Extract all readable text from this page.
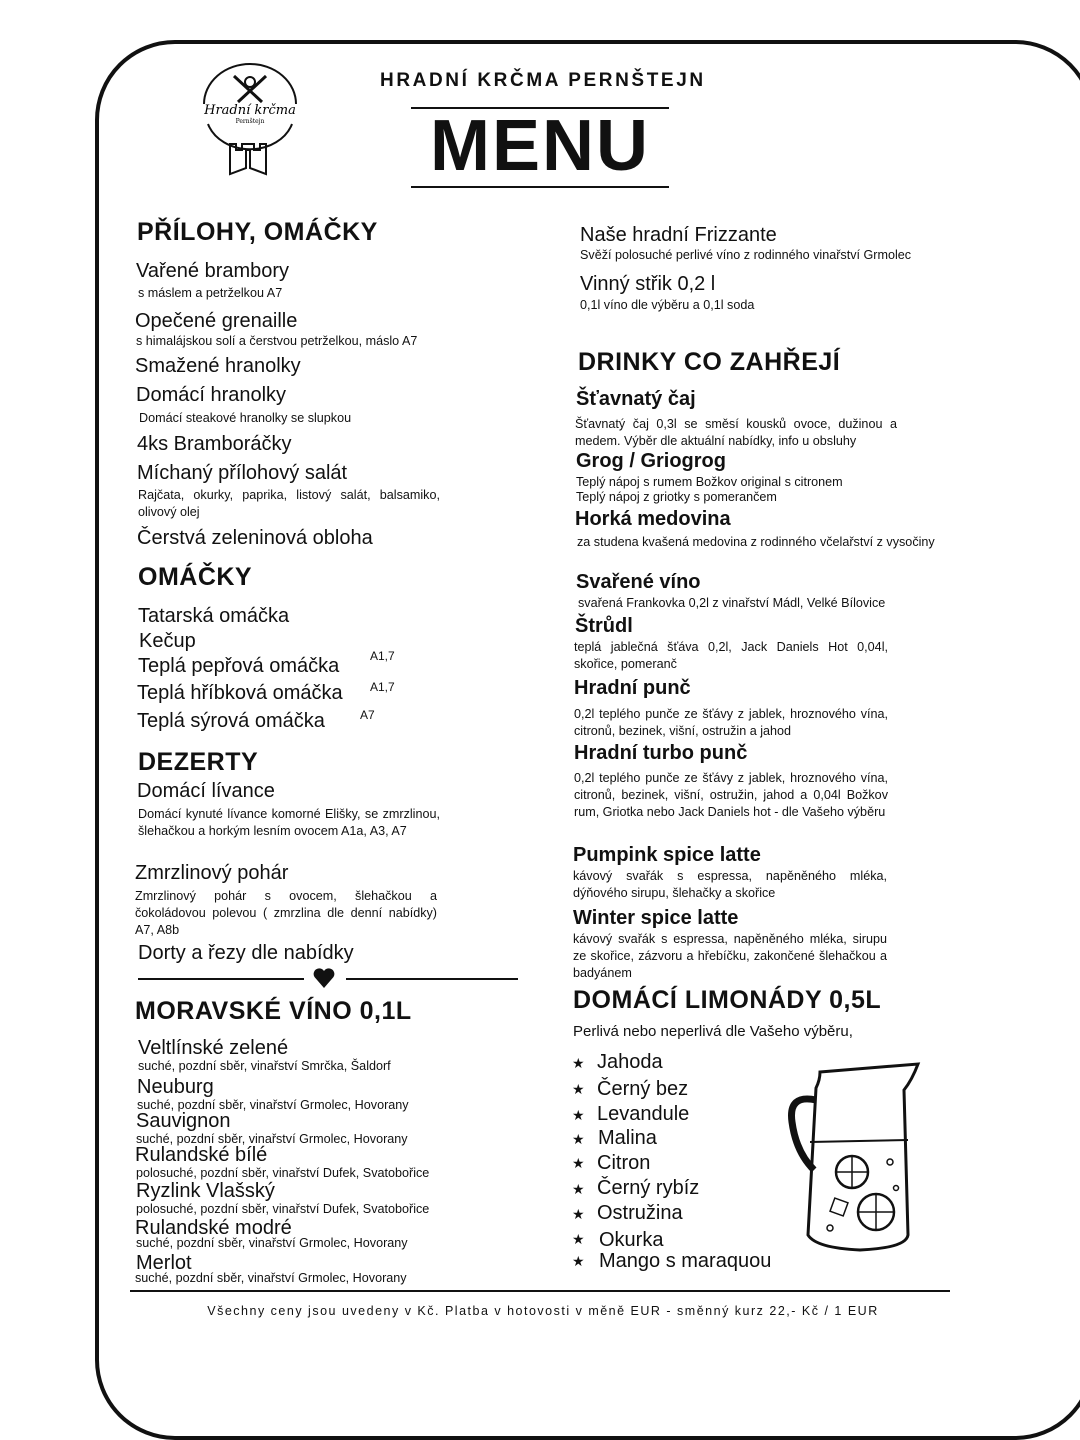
Hradní krčma
Pernštejn
HRADNÍ KRČMA PERNŠTEJN
MENU
PŘÍLOHY, OMÁČKY
Vařené brambory
s máslem a petrželkou A7
Opečené grenaille
s himalájskou solí a čerstvou petrželkou, máslo A7
Smažené hranolky
Domácí hranolky
Domácí steakové hranolky se slupkou
4ks Bramboráčky
Míchaný přílohový salát
Rajčata, okurky, paprika, listový salát, balsamiko, olivový olej
Čerstvá zeleninová obloha
OMÁČKY
Tatarská omáčka
Kečup
Teplá pepřová omáčka	A1,7
Teplá hříbková omáčka A1,7
Teplá sýrová omáčka	A7
DEZERTY
Domácí lívance
Domácí kynuté lívance komorné Elišky, se zmrzlinou, šlehačkou a horkým lesním ovocem A1a, A3, A7
Zmrzlinový pohár
Zmrzlinový pohár s ovocem, šlehačkou a čokoládovou polevou ( zmrzlina dle denní nabídky) A7, A8b
Dorty a řezy dle nabídky
MORAVSKÉ VÍNO 0,1L
Veltlínské zelené
suché, pozdní sběr, vinařství Smrčka, Šaldorf
Neuburg
suché, pozdní sběr, vinařství Grmolec, Hovorany
Sauvignon
suché, pozdní sběr, vinařství Grmolec, Hovorany
Rulandské bílé
polosuché, pozdní sběr, vinařství Dufek, Svatobořice
Ryzlink Vlašský
polosuché, pozdní sběr, vinařství Dufek, Svatobořice
Rulandské modré
suché, pozdní sběr, vinařství Grmolec, Hovorany
Merlot
suché, pozdní sběr, vinařství Grmolec, Hovorany
Naše hradní Frizzante
Svěží polosuché perlivé víno z rodinného vinařství Grmolec
Vinný střik 0,2 l
0,1l víno dle výběru a 0,1l soda
DRINKY CO ZAHŘEJÍ
Šťavnatý čaj
Šťavnatý čaj 0,3l se směsí kousků ovoce, dužinou a medem. Výběr dle aktuální nabídky, info u obsluhy
Grog / Griogrog
Teplý nápoj s rumem Božkov original s citronem
Teplý nápoj z griotky s pomerančem
Horká medovina
za studena kvašená medovina z rodinného včelařství z vysočiny
Svařené víno
svařená Frankovka 0,2l z vinařství Mádl, Velké Bílovice
Štrůdl
teplá jablečná šťáva 0,2l, Jack Daniels Hot 0,04l, skořice, pomeranč
Hradní punč
0,2l teplého punče ze šťávy z jablek, hroznového vína, citronů, bezinek, višní, ostružin a jahod
Hradní turbo punč
0,2l teplého punče ze šťávy z jablek, hroznového vína, citronů, bezinek, višní, ostružin, jahod a 0,04l Božkov rum, Griotka nebo Jack Daniels hot - dle Vašeho výběru
Pumpink spice latte
kávový svařák s espressa, napěněného mléka, dýňového sirupu, šlehačky a skořice
Winter spice latte
kávový svařák s espressa, napěněného mléka, sirupu ze skořice, zázvoru a hřebíčku, zakončené šlehačkou a badyánem
DOMÁCÍ LIMONÁDY 0,5L
Perlivá nebo neperlivá dle Vašeho výběru,
★ Jahoda
★ Černý bez
★ Levandule
★ Malina
★ Citron
★ Černý rybíz
★ Ostružina
★ Okurka
★ Mango s maraquou
Všechny ceny jsou uvedeny v Kč. Platba v hotovosti v měně EUR - směnný kurz 22,- Kč / 1 EUR
